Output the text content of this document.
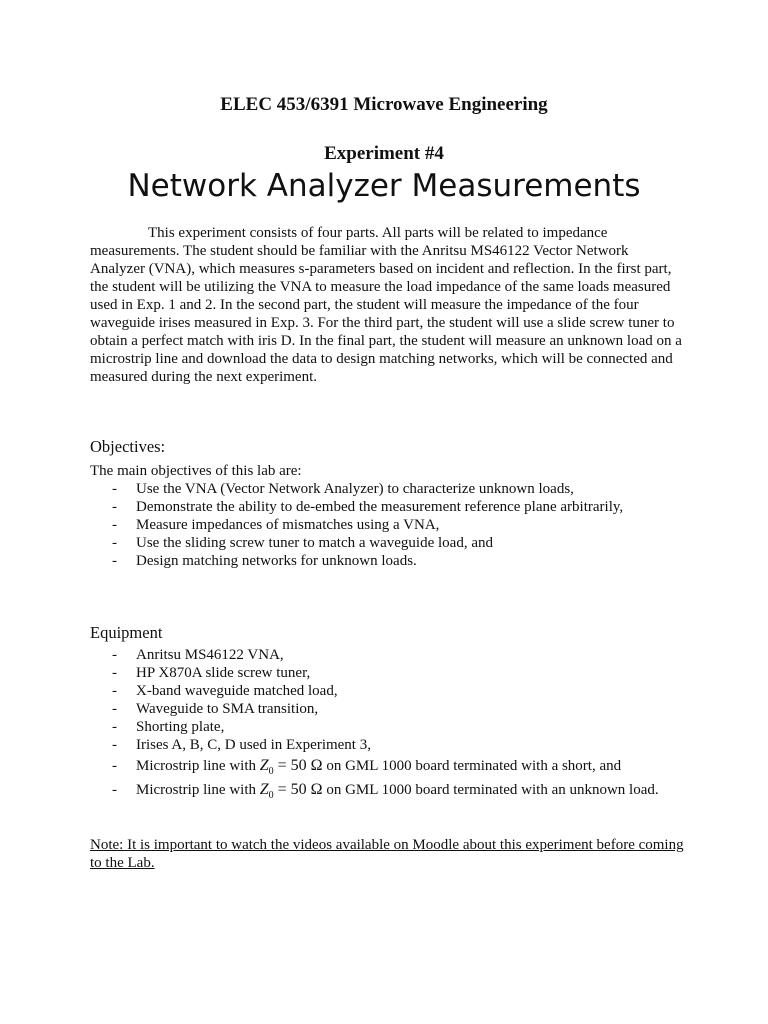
ELEC 453/6391 Microwave Engineering
Experiment #4
Network Analyzer Measurements

This experiment consists of four parts. All parts will be related to impedance measurements. The student should be familiar with the Anritsu MS46122 Vector Network Analyzer (VNA), which measures s-parameters based on incident and reflection. In the first part, the student will be utilizing the VNA to measure the load impedance of the same loads measured used in Exp. 1 and 2. In the second part, the student will measure the impedance of the four waveguide irises measured in Exp. 3. For the third part, the student will use a slide screw tuner to obtain a perfect match with iris D. In the final part, the student will measure an unknown load on a microstrip line and download the data to design matching networks, which will be connected and measured during the next experiment.

Objectives:
The main objectives of this lab are:
- Use the VNA (Vector Network Analyzer) to characterize unknown loads,
- Demonstrate the ability to de-embed the measurement reference plane arbitrarily,
- Measure impedances of mismatches using a VNA,
- Use the sliding screw tuner to match a waveguide load, and
- Design matching networks for unknown loads.
Equipment
- Anritsu MS46122 VNA,
- HP X870A slide screw tuner,
- X-band waveguide matched load,
- Waveguide to SMA transition,
- Shorting plate,
- Irises A, B, C, D used in Experiment 3,
- Microstrip line with $Z_0 = 50$ Ω on GML 1000 board terminated with a short, and
- Microstrip line with $Z_0 = 50$ Ω on GML 1000 board terminated with an unknown load.

Note: It is important to watch the videos available on Moodle about this experiment before coming to the Lab.
